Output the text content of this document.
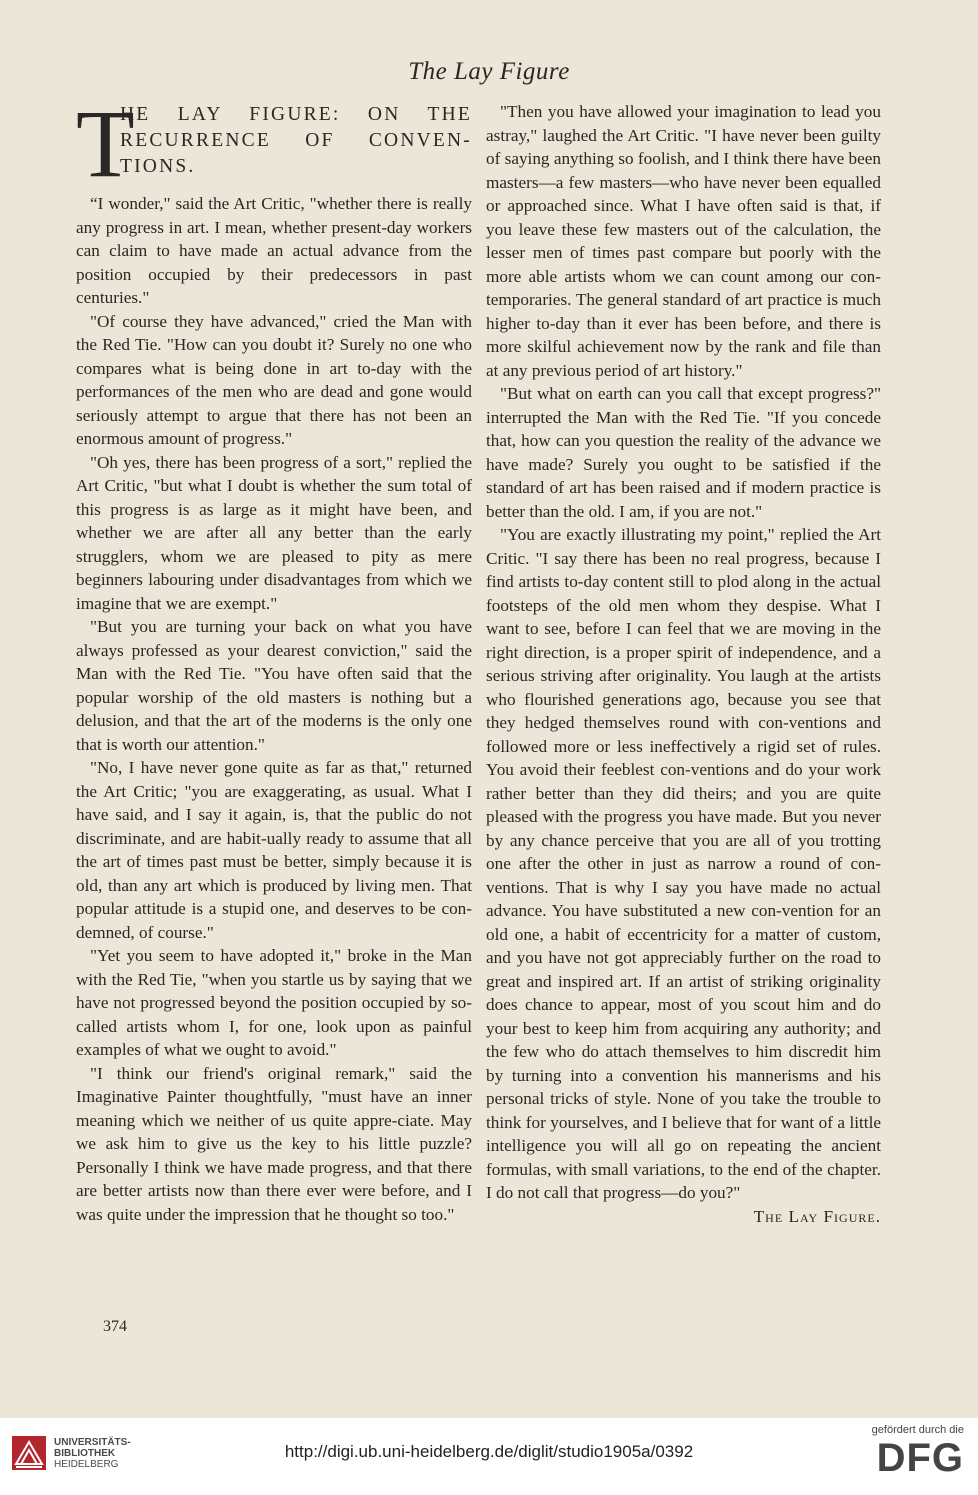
The Lay Figure
T
HE LAY FIGURE: ON THE RECURRENCE OF CONVEN-TIONS.

“I wonder," said the Art Critic, "whether there is really any progress in art. I mean, whether present-day workers can claim to have made an actual advance from the position occupied by their predecessors in past centuries."

"Of course they have advanced," cried the Man with the Red Tie. "How can you doubt it? Surely no one who compares what is being done in art to-day with the performances of the men who are dead and gone would seriously attempt to argue that there has not been an enormous amount of progress."

"Oh yes, there has been progress of a sort," replied the Art Critic, "but what I doubt is whether the sum total of this progress is as large as it might have been, and whether we are after all any better than the early strugglers, whom we are pleased to pity as mere beginners labouring under disadvantages from which we imagine that we are exempt."

"But you are turning your back on what you have always professed as your dearest conviction," said the Man with the Red Tie. "You have often said that the popular worship of the old masters is nothing but a delusion, and that the art of the moderns is the only one that is worth our attention."

"No, I have never gone quite as far as that," returned the Art Critic; "you are exaggerating, as usual. What I have said, and I say it again, is, that the public do not discriminate, and are habit-ually ready to assume that all the art of times past must be better, simply because it is old, than any art which is produced by living men. That popular attitude is a stupid one, and deserves to be con-demned, of course."

"Yet you seem to have adopted it," broke in the Man with the Red Tie, "when you startle us by saying that we have not progressed beyond the position occupied by so-called artists whom I, for one, look upon as painful examples of what we ought to avoid."

"I think our friend's original remark," said the Imaginative Painter thoughtfully, "must have an inner meaning which we neither of us quite appre-ciate. May we ask him to give us the key to his little puzzle? Personally I think we have made progress, and that there are better artists now than there ever were before, and I was quite under the impression that he thought so too."

"Then you have allowed your imagination to lead you astray," laughed the Art Critic. "I have never been guilty of saying anything so foolish, and I think there have been masters—a few masters—who have never been equalled or approached since. What I have often said is that, if you leave these few masters out of the calculation, the lesser men of times past compare but poorly with the more able artists whom we can count among our con-temporaries. The general standard of art practice is much higher to-day than it ever has been before, and there is more skilful achievement now by the rank and file than at any previous period of art history."

"But what on earth can you call that except progress?" interrupted the Man with the Red Tie. "If you concede that, how can you question the reality of the advance we have made? Surely you ought to be satisfied if the standard of art has been raised and if modern practice is better than the old. I am, if you are not."

"You are exactly illustrating my point," replied the Art Critic. "I say there has been no real progress, because I find artists to-day content still to plod along in the actual footsteps of the old men whom they despise. What I want to see, before I can feel that we are moving in the right direction, is a proper spirit of independence, and a serious striving after originality. You laugh at the artists who flourished generations ago, because you see that they hedged themselves round with con-ventions and followed more or less ineffectively a rigid set of rules. You avoid their feeblest con-ventions and do your work rather better than they did theirs; and you are quite pleased with the progress you have made. But you never by any chance perceive that you are all of you trotting one after the other in just as narrow a round of con-ventions. That is why I say you have made no actual advance. You have substituted a new con-vention for an old one, a habit of eccentricity for a matter of custom, and you have not got appreciably further on the road to great and inspired art. If an artist of striking originality does chance to appear, most of you scout him and do your best to keep him from acquiring any authority; and the few who do attach themselves to him discredit him by turning into a convention his mannerisms and his personal tricks of style. None of you take the trouble to think for yourselves, and I believe that for want of a little intelligence you will all go on repeating the ancient formulas, with small variations, to the end of the chapter. I do not call that progress—do you?"

The Lay Figure.
374
UNIVERSITÄTS-
BIBLIOTHEK
HEIDELBERG
http://digi.ub.uni-heidelberg.de/diglit/studio1905a/0392
gefördert durch die
DFG
